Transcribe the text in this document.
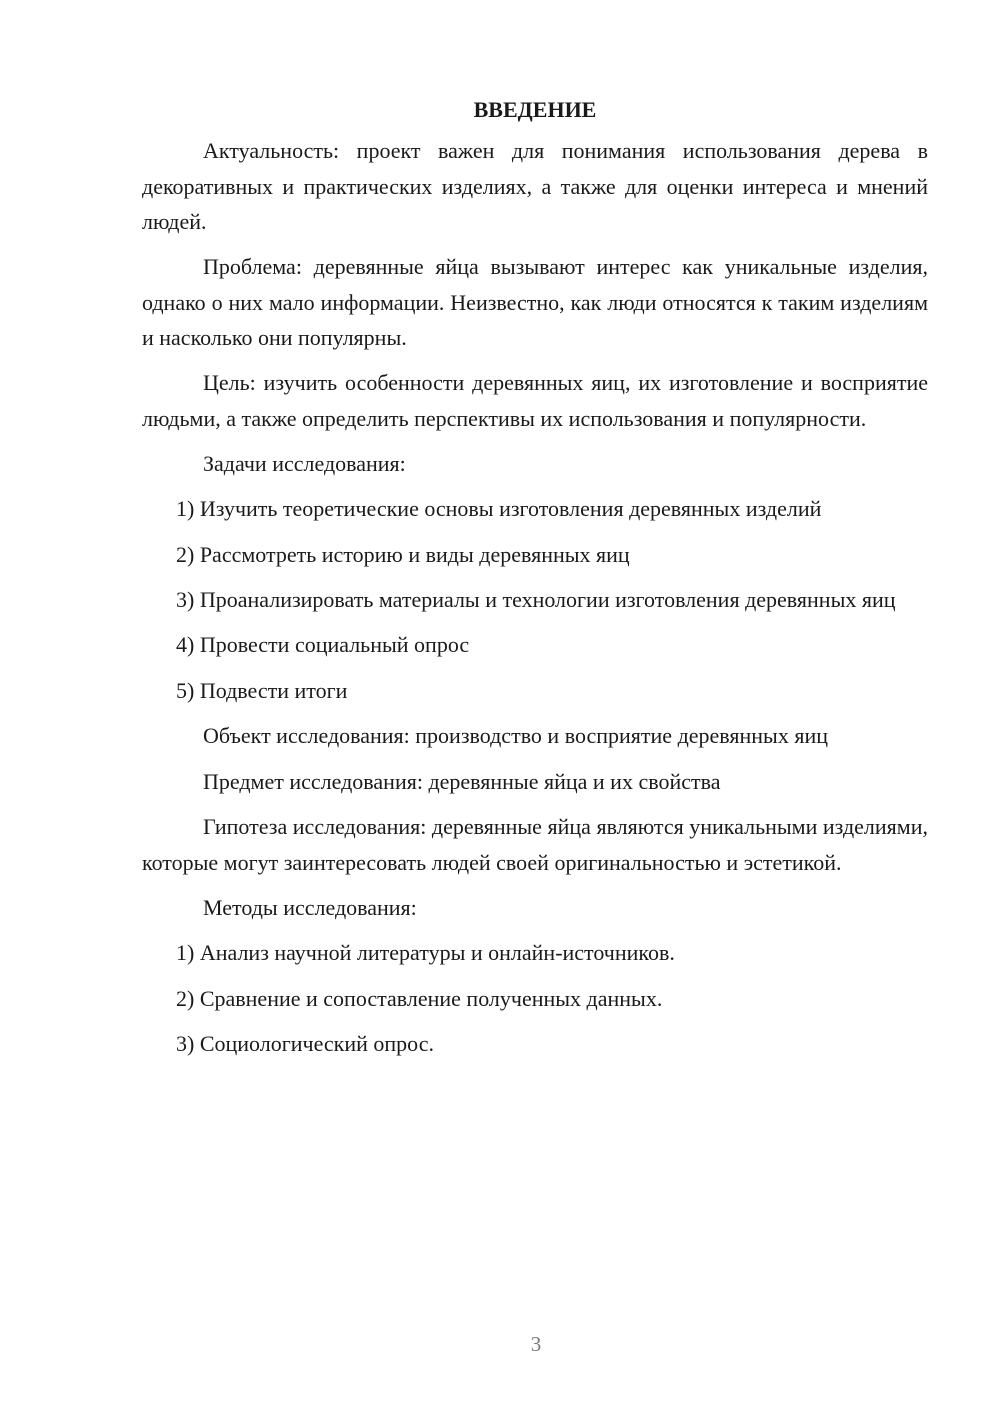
ВВЕДЕНИЕ

Актуальность: проект важен для понимания использования дерева в декоративных и практических изделиях, а также для оценки интереса и мнений людей.

Проблема: деревянные яйца вызывают интерес как уникальные изделия, однако о них мало информации. Неизвестно, как люди относятся к таким изделиям и насколько они популярны.

Цель: изучить особенности деревянных яиц, их изготовление и восприятие людьми, а также определить перспективы их использования и популярности.

Задачи исследования:

1) Изучить теоретические основы изготовления деревянных изделий

2) Рассмотреть историю и виды деревянных яиц

3) Проанализировать материалы и технологии изготовления деревянных яиц

4) Провести социальный опрос

5) Подвести итоги

Объект исследования: производство и восприятие деревянных яиц

Предмет исследования: деревянные яйца и их свойства

Гипотеза исследования: деревянные яйца являются уникальными изделиями, которые могут заинтересовать людей своей оригинальностью и эстетикой.

Методы исследования:

1) Анализ научной литературы и онлайн-источников.

2) Сравнение и сопоставление полученных данных.

3) Социологический опрос.

3
